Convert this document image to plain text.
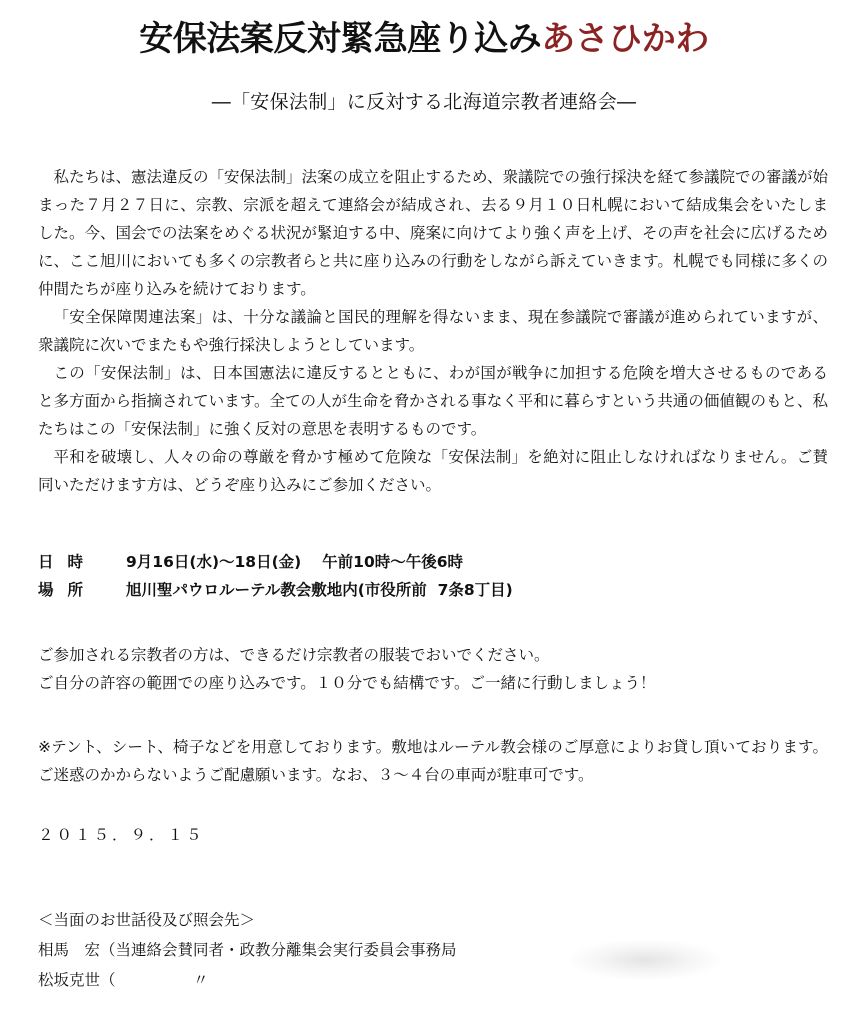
安保法案反対緊急座り込みあさひかわ
―「安保法制」に反対する北海道宗教者連絡会―

私たちは、憲法違反の「安保法制」法案の成立を阻止するため、衆議院での強行採決を経て参議院での審議が始まった７月２７日に、宗教、宗派を超えて連絡会が結成され、去る９月１０日札幌において結成集会をいたしました。今、国会での法案をめぐる状況が緊迫する中、廃案に向けてより強く声を上げ、その声を社会に広げるために、ここ旭川においても多くの宗教者らと共に座り込みの行動をしながら訴えていきます。札幌でも同様に多くの仲間たちが座り込みを続けております。

「安全保障関連法案」は、十分な議論と国民的理解を得ないまま、現在参議院で審議が進められていますが、衆議院に次いでまたもや強行採決しようとしています。

この「安保法制」は、日本国憲法に違反するとともに、わが国が戦争に加担する危険を増大させるものであると多方面から指摘されています。全ての人が生命を脅かされる事なく平和に暮らすという共通の価値観のもと、私たちはこの「安保法制」に強く反対の意思を表明するものです。

平和を破壊し、人々の命の尊厳を脅かす極めて危険な「安保法制」を絶対に阻止しなければなりません。ご賛同いただけます方は、どうぞ座り込みにご参加ください。

日時	9月16日(水)～18日(金)　 午前10時～午後6時
場所	旭川聖パウロルーテル教会敷地内(市役所前  7条8丁目)

ご参加される宗教者の方は、できるだけ宗教者の服装でおいでください。

ご自分の許容の範囲での座り込みです。１０分でも結構です。ご一緒に行動しましょう！

※テント、シート、椅子などを用意しております。敷地はルーテル教会様のご厚意によりお貸し頂いております。ご迷惑のかからないようご配慮願います。なお、３～４台の車両が駐車可です。

２０１５．９．１５
＜当面のお世話役及び照会先＞
相馬　宏（当連絡会賛同者・政教分離集会実行委員会事務局
松坂克世（　　　　　〃
